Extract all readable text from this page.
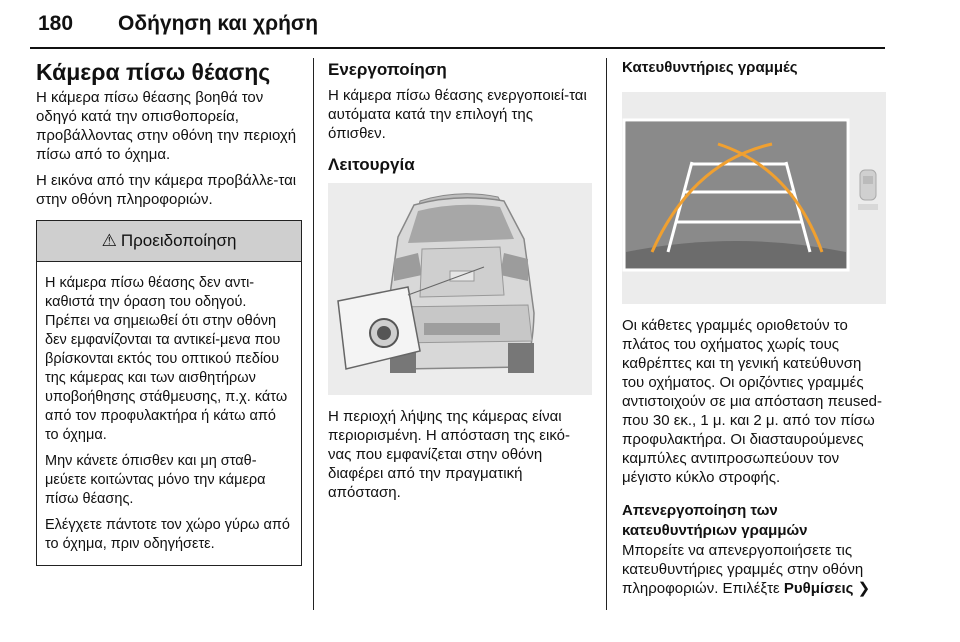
180 Οδήγηση και χρήση
Κάμερα πίσω θέασης

Η κάμερα πίσω θέασης βοηθά τον οδηγό κατά την οπισθοπορεία, προβάλλοντας στην οθόνη την περιοχή πίσω από το όχημα.

Η εικόνα από την κάμερα προβάλλε-ται στην οθόνη πληροφοριών.

⚠ Προειδοποίηση

Η κάμερα πίσω θέασης δεν αντι-καθιστά την όραση του οδηγού. Πρέπει να σημειωθεί ότι στην οθόνη δεν εμφανίζονται τα αντικεί-μενα που βρίσκονται εκτός του οπτικού πεδίου της κάμερας και των αισθητήρων υποβοήθησης στάθμευσης, π.χ. κάτω από τον προφυλακτήρα ή κάτω από το όχημα.

Μην κάνετε όπισθεν και μη σταθ-μεύετε κοιτώντας μόνο την κάμερα πίσω θέασης.

Ελέγχετε πάντοτε τον χώρο γύρω από το όχημα, πριν οδηγήσετε.

Ενεργοποίηση

Η κάμερα πίσω θέασης ενεργοποιεί-ται αυτόματα κατά την επιλογή της όπισθεν.

Λειτουργία

Η περιοχή λήψης της κάμερας είναι περιορισμένη. Η απόσταση της εικό-νας που εμφανίζεται στην οθόνη διαφέρει από την πραγματική απόσταση.

Κατευθυντήριες γραμμές

Οι κάθετες γραμμές οριοθετούν το πλάτος του οχήματος χωρίς τους καθρέπτες και τη γενική κατεύθυνση του οχήματος. Οι οριζόντιες γραμμές αντιστοιχούν σε μια απόσταση πεused-που 30 εκ., 1 μ. και 2 μ. από τον πίσω προφυλακτήρα. Οι διασταυρούμενες καμπύλες αντιπροσωπεύουν τον μέγιστο κύκλο στροφής.

Απενεργοποίηση των κατευθυντήριων γραμμών

Μπορείτε να απενεργοποιήσετε τις κατευθυντήριες γραμμές στην οθόνη πληροφοριών. Επιλέξτε Ρυθμίσεις ❯
